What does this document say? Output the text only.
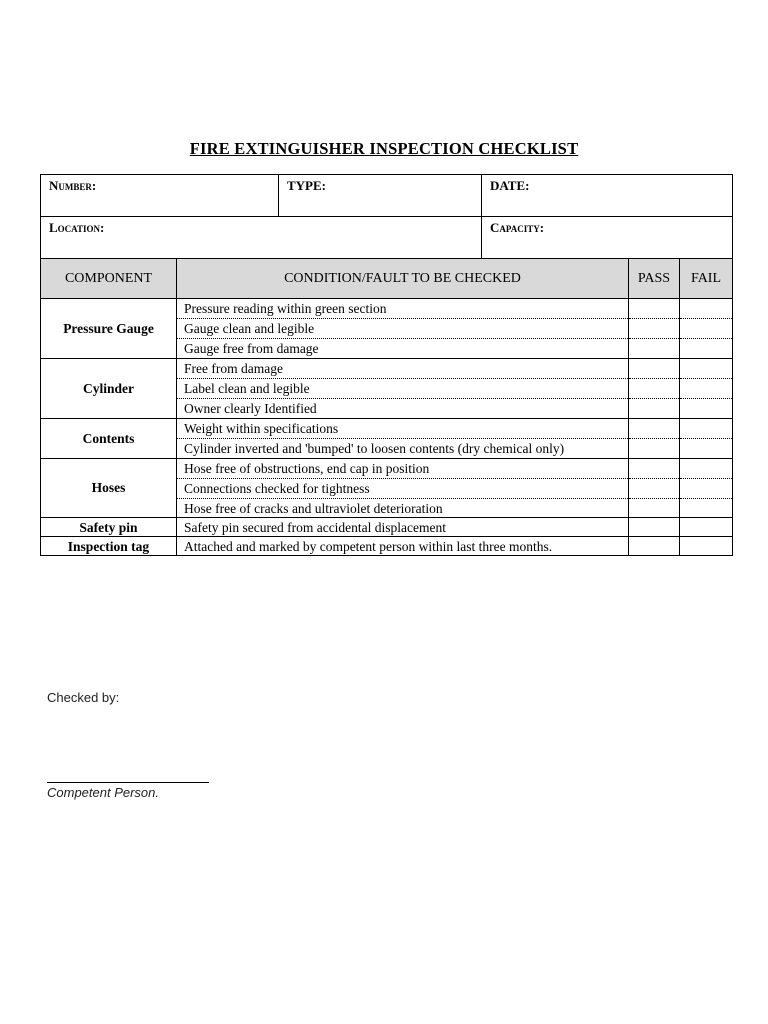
FIRE EXTINGUISHER INSPECTION CHECKLIST
Number:	TYPE:	DATE:
Location:		Capacity:
COMPONENT	CONDITION/FAULT TO BE CHECKED	PASS	FAIL
Pressure Gauge	Pressure reading within green section		
	Gauge clean and legible		
	Gauge free from damage		
Cylinder	Free from damage		
	Label clean and legible		
	Owner clearly Identified		
Contents	Weight within specifications		
	Cylinder inverted and 'bumped' to loosen contents (dry chemical only)		
Hoses	Hose free of obstructions, end cap in position		
	Connections checked for tightness		
	Hose free of cracks and ultraviolet deterioration		
Safety pin	Safety pin secured from accidental displacement		
Inspection tag	Attached and marked by competent person within last three months.		
Checked by:
Competent Person.
